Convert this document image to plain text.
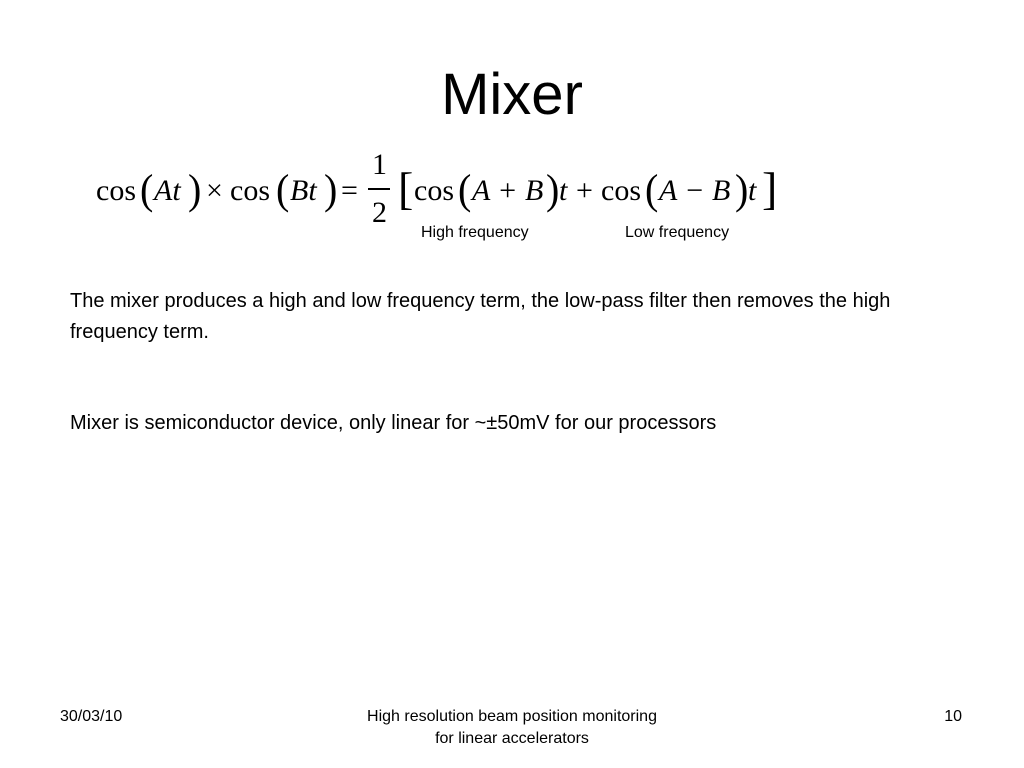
Mixer
cos ( At ) × cos ( Bt ) =
1
2 [ cos ( A + B ) t + cos ( A − B ) t ]
High frequency	Low frequency
The mixer produces a high and low frequency term, the low-pass filter then removes the high frequency term.
Mixer is semiconductor device, only linear for ~±50mV for our processors
30/03/10	High resolution beam position monitoring for linear accelerators
10
